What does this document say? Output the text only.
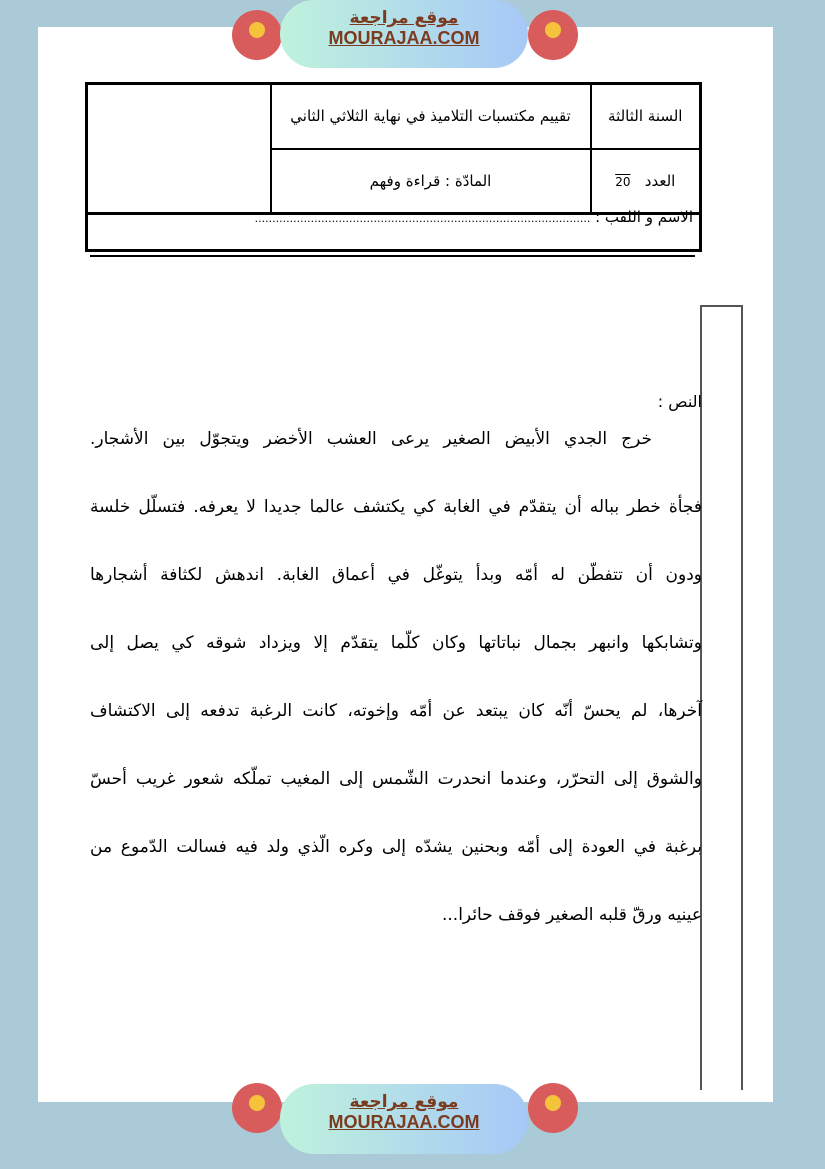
موقع مراجعة
MOURAJAA.COM
السنة الثالثة	تقييم مكتسبات التلاميذ في نهاية الثلاثي الثاني	
العدد   20	المادّة : قراءة وفهم	
الاسم و اللقب : ................................................................................................
النص :

خرج الجدي الأبيض الصغير يرعى العشب الأخضر ويتجوّل بين الأشجار.

فجأة خطر بباله أن يتقدّم في الغابة كي يكتشف عالما جديدا لا يعرفه. فتسلّل خلسة

ودون أن تتفطّن له أمّه وبدأ يتوغّل في أعماق الغابة. اندهش لكثافة أشجارها

وتشابكها وانبهر بجمال نباتاتها وكان كلّما يتقدّم إلا ويزداد شوقه كي يصل إلى

آخرها، لم يحسّ أنّه كان يبتعد عن أمّه وإخوته، كانت الرغبة تدفعه إلى الاكتشاف

والشوق إلى التحرّر، وعندما انحدرت الشّمس إلى المغيب تملّكه شعور غريب أحسّ

برغبة في العودة إلى أمّه وبحنين يشدّه إلى وكره الّذي ولد فيه فسالت الدّموع من

عينيه ورقّ قلبه الصغير فوقف حائرا...

موقع مراجعة
MOURAJAA.COM
